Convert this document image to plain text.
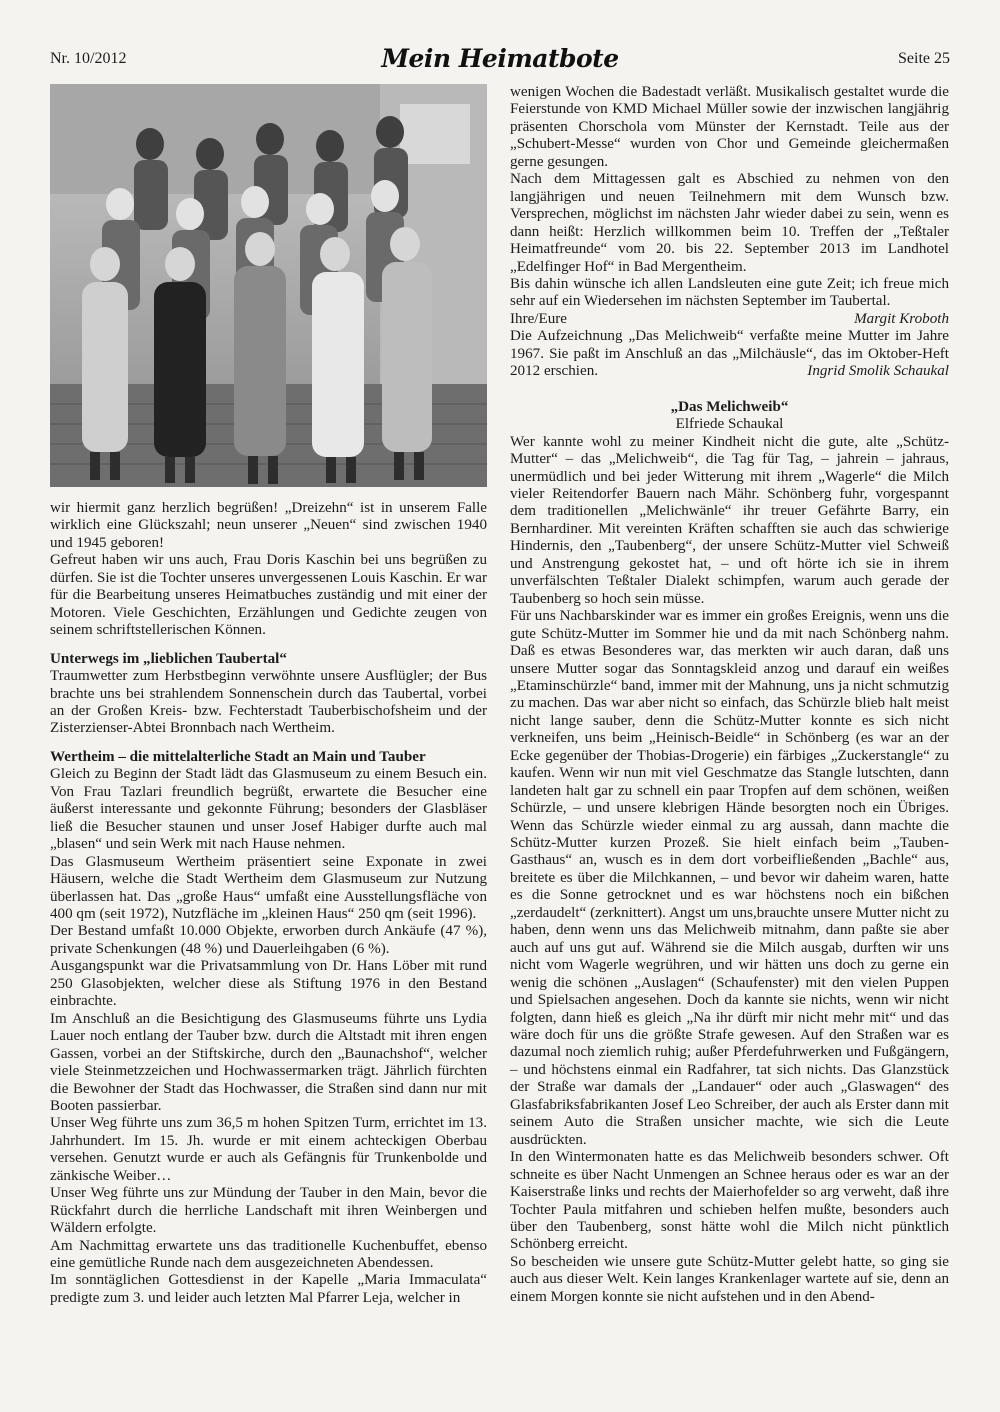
Nr. 10/2012	Mein Heimatbote	Seite 25

wir hiermit ganz herzlich begrüßen! „Dreizehn“ ist in unserem Falle wirklich eine Glückszahl; neun unserer „Neuen“ sind zwischen 1940 und 1945 geboren!

Gefreut haben wir uns auch, Frau Doris Kaschin bei uns begrüßen zu dürfen. Sie ist die Tochter unseres unvergessenen Louis Kaschin. Er war für die Bearbeitung unseres Heimatbuches zuständig und mit einer der Motoren. Viele Geschichten, Erzählungen und Gedichte zeugen von seinem schriftstellerischen Können.

Unterwegs im „lieblichen Taubertal“

Traumwetter zum Herbstbeginn verwöhnte unsere Ausflügler; der Bus brachte uns bei strahlendem Sonnenschein durch das Taubertal, vorbei an der Großen Kreis- bzw. Fechterstadt Tauberbischofsheim und der Zisterzienser-Abtei Bronnbach nach Wertheim.

Wertheim – die mittelalterliche Stadt an Main und Tauber

Gleich zu Beginn der Stadt lädt das Glasmuseum zu einem Besuch ein. Von Frau Tazlari freundlich begrüßt, erwartete die Besucher eine äußerst interessante und gekonnte Führung; besonders der Glasbläser ließ die Besucher staunen und unser Josef Habiger durfte auch mal „blasen“ und sein Werk mit nach Hause nehmen.

Das Glasmuseum Wertheim präsentiert seine Exponate in zwei Häusern, welche die Stadt Wertheim dem Glasmuseum zur Nutzung überlassen hat. Das „große Haus“ umfaßt eine Ausstellungsfläche von 400 qm (seit 1972), Nutzfläche im „kleinen Haus“ 250 qm (seit 1996).

Der Bestand umfaßt 10.000 Objekte, erworben durch Ankäufe (47 %), private Schenkungen (48 %) und Dauerleihgaben (6 %).

Ausgangspunkt war die Privatsammlung von Dr. Hans Löber mit rund 250 Glasobjekten, welcher diese als Stiftung 1976 in den Bestand einbrachte.

Im Anschluß an die Besichtigung des Glasmuseums führte uns Lydia Lauer noch entlang der Tauber bzw. durch die Altstadt mit ihren engen Gassen, vorbei an der Stiftskirche, durch den „Baunachshof“, welcher viele Steinmetzzeichen und Hochwassermarken trägt. Jährlich fürchten die Bewohner der Stadt das Hochwasser, die Straßen sind dann nur mit Booten passierbar.

Unser Weg führte uns zum 36,5 m hohen Spitzen Turm, errichtet im 13. Jahrhundert. Im 15. Jh. wurde er mit einem achteckigen Oberbau versehen. Genutzt wurde er auch als Gefängnis für Trunkenbolde und zänkische Weiber…

Unser Weg führte uns zur Mündung der Tauber in den Main, bevor die Rückfahrt durch die herrliche Landschaft mit ihren Weinbergen und Wäldern erfolgte.

Am Nachmittag erwartete uns das traditionelle Kuchenbuffet, ebenso eine gemütliche Runde nach dem ausgezeichneten Abendessen.

Im sonntäglichen Gottesdienst in der Kapelle „Maria Immaculata“ predigte zum 3. und leider auch letzten Mal Pfarrer Leja, welcher in

wenigen Wochen die Badestadt verläßt. Musikalisch gestaltet wurde die Feierstunde von KMD Michael Müller sowie der inzwischen langjährig präsenten Chorschola vom Münster der Kernstadt. Teile aus der „Schubert-Messe“ wurden von Chor und Gemeinde gleichermaßen gerne gesungen.

Nach dem Mittagessen galt es Abschied zu nehmen von den langjährigen und neuen Teilnehmern mit dem Wunsch bzw. Versprechen, möglichst im nächsten Jahr wieder dabei zu sein, wenn es dann heißt: Herzlich willkommen beim 10. Treffen der „Teßtaler Heimatfreunde“ vom 20. bis 22. September 2013 im Landhotel „Edelfinger Hof“ in Bad Mergentheim.

Bis dahin wünsche ich allen Landsleuten eine gute Zeit; ich freue mich sehr auf ein Wiedersehen im nächsten September im Taubertal.

Ihre/Eure	Margit Kroboth

Die Aufzeichnung „Das Melichweib“ verfaßte meine Mutter im Jahre 1967. Sie paßt im Anschluß an das „Milchäusle“, das im Oktober-Heft 2012 erschien.	Ingrid Smolik Schaukal

„Das Melichweib“

Elfriede Schaukal

Wer kannte wohl zu meiner Kindheit nicht die gute, alte „Schütz-Mutter“ – das „Melichweib“, die Tag für Tag, – jahrein – jahraus, unermüdlich und bei jeder Witterung mit ihrem „Wagerle“ die Milch vieler Reitendorfer Bauern nach Mähr. Schönberg fuhr, vorgespannt dem traditionellen „Melichwänle“ ihr treuer Gefährte Barry, ein Bernhardiner. Mit vereinten Kräften schafften sie auch das schwierige Hindernis, den „Taubenberg“, der unsere Schütz-Mutter viel Schweiß und Anstrengung gekostet hat, – und oft hörte ich sie in ihrem unverfälschten Teßtaler Dialekt schimpfen, warum auch gerade der Taubenberg so hoch sein müsse.

Für uns Nachbarskinder war es immer ein großes Ereignis, wenn uns die gute Schütz-Mutter im Sommer hie und da mit nach Schönberg nahm. Daß es etwas Besonderes war, das merkten wir auch daran, daß uns unsere Mutter sogar das Sonntagskleid anzog und darauf ein weißes „Etaminschürzle“ band, immer mit der Mahnung, uns ja nicht schmutzig zu machen. Das war aber nicht so einfach, das Schürzle blieb halt meist nicht lange sauber, denn die Schütz-Mutter konnte es sich nicht verkneifen, uns beim „Heinisch-Beidle“ in Schönberg (es war an der Ecke gegenüber der Thobias-Drogerie) ein färbiges „Zuckerstangle“ zu kaufen. Wenn wir nun mit viel Geschmatze das Stangle lutschten, dann landeten halt gar zu schnell ein paar Tropfen auf dem schönen, weißen Schürzle, – und unsere klebrigen Hände besorgten noch ein Übriges. Wenn das Schürzle wieder einmal zu arg aussah, dann machte die Schütz-Mutter kurzen Prozeß. Sie hielt einfach beim „Tauben-Gasthaus“ an, wusch es in dem dort vorbeifließenden „Bachle“ aus, breitete es über die Milchkannen, – und bevor wir daheim waren, hatte es die Sonne getrocknet und es war höchstens noch ein bißchen „zerdaudelt“ (zerknittert). Angst um uns,brauchte unsere Mutter nicht zu haben, denn wenn uns das Melichweib mitnahm, dann paßte sie aber auch auf uns gut auf. Während sie die Milch ausgab, durften wir uns nicht vom Wagerle wegrühren, und wir hätten uns doch zu gerne ein wenig die schönen „Auslagen“ (Schaufenster) mit den vielen Puppen und Spielsachen angesehen. Doch da kannte sie nichts, wenn wir nicht folgten, dann hieß es gleich „Na ihr dürft mir nicht mehr mit“ und das wäre doch für uns die größte Strafe gewesen. Auf den Straßen war es dazumal noch ziemlich ruhig; außer Pferdefuhrwerken und Fußgängern, – und höchstens einmal ein Radfahrer, tat sich nichts. Das Glanzstück der Straße war damals der „Landauer“ oder auch „Glaswagen“ des Glasfabriksfabrikanten Josef Leo Schreiber, der auch als Erster dann mit seinem Auto die Straßen unsicher machte, wie sich die Leute ausdrückten.

In den Wintermonaten hatte es das Melichweib besonders schwer. Oft schneite es über Nacht Unmengen an Schnee heraus oder es war an der Kaiserstraße links und rechts der Maierhofelder so arg verweht, daß ihre Tochter Paula mitfahren und schieben helfen mußte, besonders auch über den Taubenberg, sonst hätte wohl die Milch nicht pünktlich Schönberg erreicht.

So bescheiden wie unsere gute Schütz-Mutter gelebt hatte, so ging sie auch aus dieser Welt. Kein langes Krankenlager wartete auf sie, denn an einem Morgen konnte sie nicht aufstehen und in den Abend-
